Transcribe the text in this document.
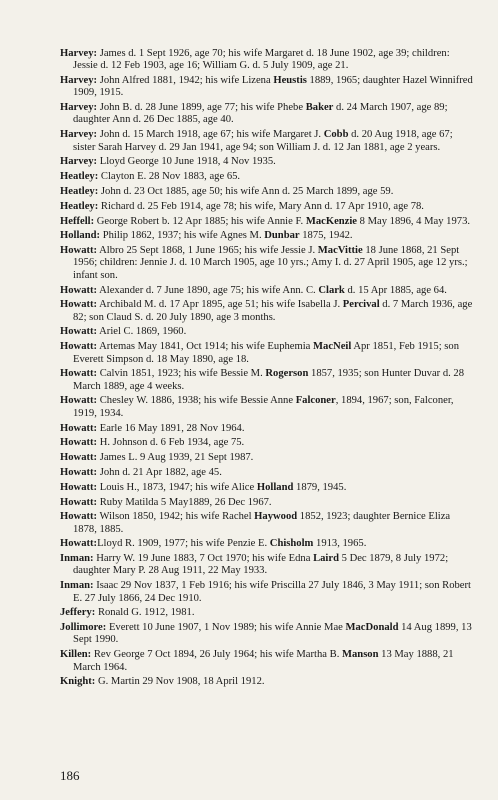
Harvey: James d. 1 Sept 1926, age 70; his wife Margaret d. 18 June 1902, age 39; children: Jessie d. 12 Feb 1903, age 16; William G. d. 5 July 1909, age 21.

Harvey: John Alfred 1881, 1942; his wife Lizena Heustis 1889, 1965; daughter Hazel Winnifred 1909, 1915.

Harvey: John B. d. 28 June 1899, age 77; his wife Phebe Baker d. 24 March 1907, age 89; daughter Ann d. 26 Dec 1885, age 40.

Harvey: John d. 15 March 1918, age 67; his wife Margaret J. Cobb d. 20 Aug 1918, age 67; sister Sarah Harvey d. 29 Jan 1941, age 94; son William J. d. 12 Jan 1881, age 2 years.

Harvey: Lloyd George 10 June 1918, 4 Nov 1935.

Heatley: Clayton E. 28 Nov 1883, age 65.

Heatley: John d. 23 Oct 1885, age 50; his wife Ann d. 25 March 1899, age 59.

Heatley: Richard d. 25 Feb 1914, age 78; his wife, Mary Ann d. 17 Apr 1910, age 78.

Heffell: George Robert b. 12 Apr 1885; his wife Annie F. MacKenzie 8 May 1896, 4 May 1973.

Holland: Philip 1862, 1937; his wife Agnes M. Dunbar 1875, 1942.

Howatt: Albro 25 Sept 1868, 1 June 1965; his wife Jessie J. MacVittie 18 June 1868, 21 Sept 1956; children: Jennie J. d. 10 March 1905, age 10 yrs.; Amy I. d. 27 April 1905, age 12 yrs.; infant son.

Howatt: Alexander d. 7 June 1890, age 75; his wife Ann. C. Clark d. 15 Apr 1885, age 64.

Howatt: Archibald M. d. 17 Apr 1895, age 51; his wife Isabella J. Percival d. 7 March 1936, age 82; son Claud S. d. 20 July 1890, age 3 months.

Howatt: Ariel C. 1869, 1960.

Howatt: Artemas May 1841, Oct 1914; his wife Euphemia MacNeil Apr 1851, Feb 1915; son Everett Simpson d. 18 May 1890, age 18.

Howatt: Calvin 1851, 1923; his wife Bessie M. Rogerson 1857, 1935; son Hunter Duvar d. 28 March 1889, age 4 weeks.

Howatt: Chesley W. 1886, 1938; his wife Bessie Anne Falconer, 1894, 1967; son, Falconer, 1919, 1934.

Howatt: Earle 16 May 1891, 28 Nov 1964.

Howatt: H. Johnson d. 6 Feb 1934, age 75.

Howatt: James L. 9 Aug 1939, 21 Sept 1987.

Howatt: John d. 21 Apr 1882, age 45.

Howatt: Louis H., 1873, 1947; his wife Alice Holland 1879, 1945.

Howatt: Ruby Matilda 5 May1889, 26 Dec 1967.

Howatt: Wilson 1850, 1942; his wife Rachel Haywood 1852, 1923; daughter Bernice Eliza 1878, 1885.

Howatt:Lloyd R. 1909, 1977; his wife Penzie E. Chisholm 1913, 1965.

Inman: Harry W. 19 June 1883, 7 Oct 1970; his wife Edna Laird 5 Dec 1879, 8 July 1972; daughter Mary P. 28 Aug 1911, 22 May 1933.

Inman: Isaac 29 Nov 1837, 1 Feb 1916; his wife Priscilla 27 July 1846, 3 May 1911; son Robert E. 27 July 1866, 24 Dec 1910.

Jeffery: Ronald G. 1912, 1981.

Jollimore: Everett 10 June 1907, 1 Nov 1989; his wife Annie Mae MacDonald 14 Aug 1899, 13 Sept 1990.

Killen: Rev George 7 Oct 1894, 26 July 1964; his wife Martha B. Manson 13 May 1888, 21 March 1964.

Knight: G. Martin 29 Nov 1908, 18 April 1912.

186
